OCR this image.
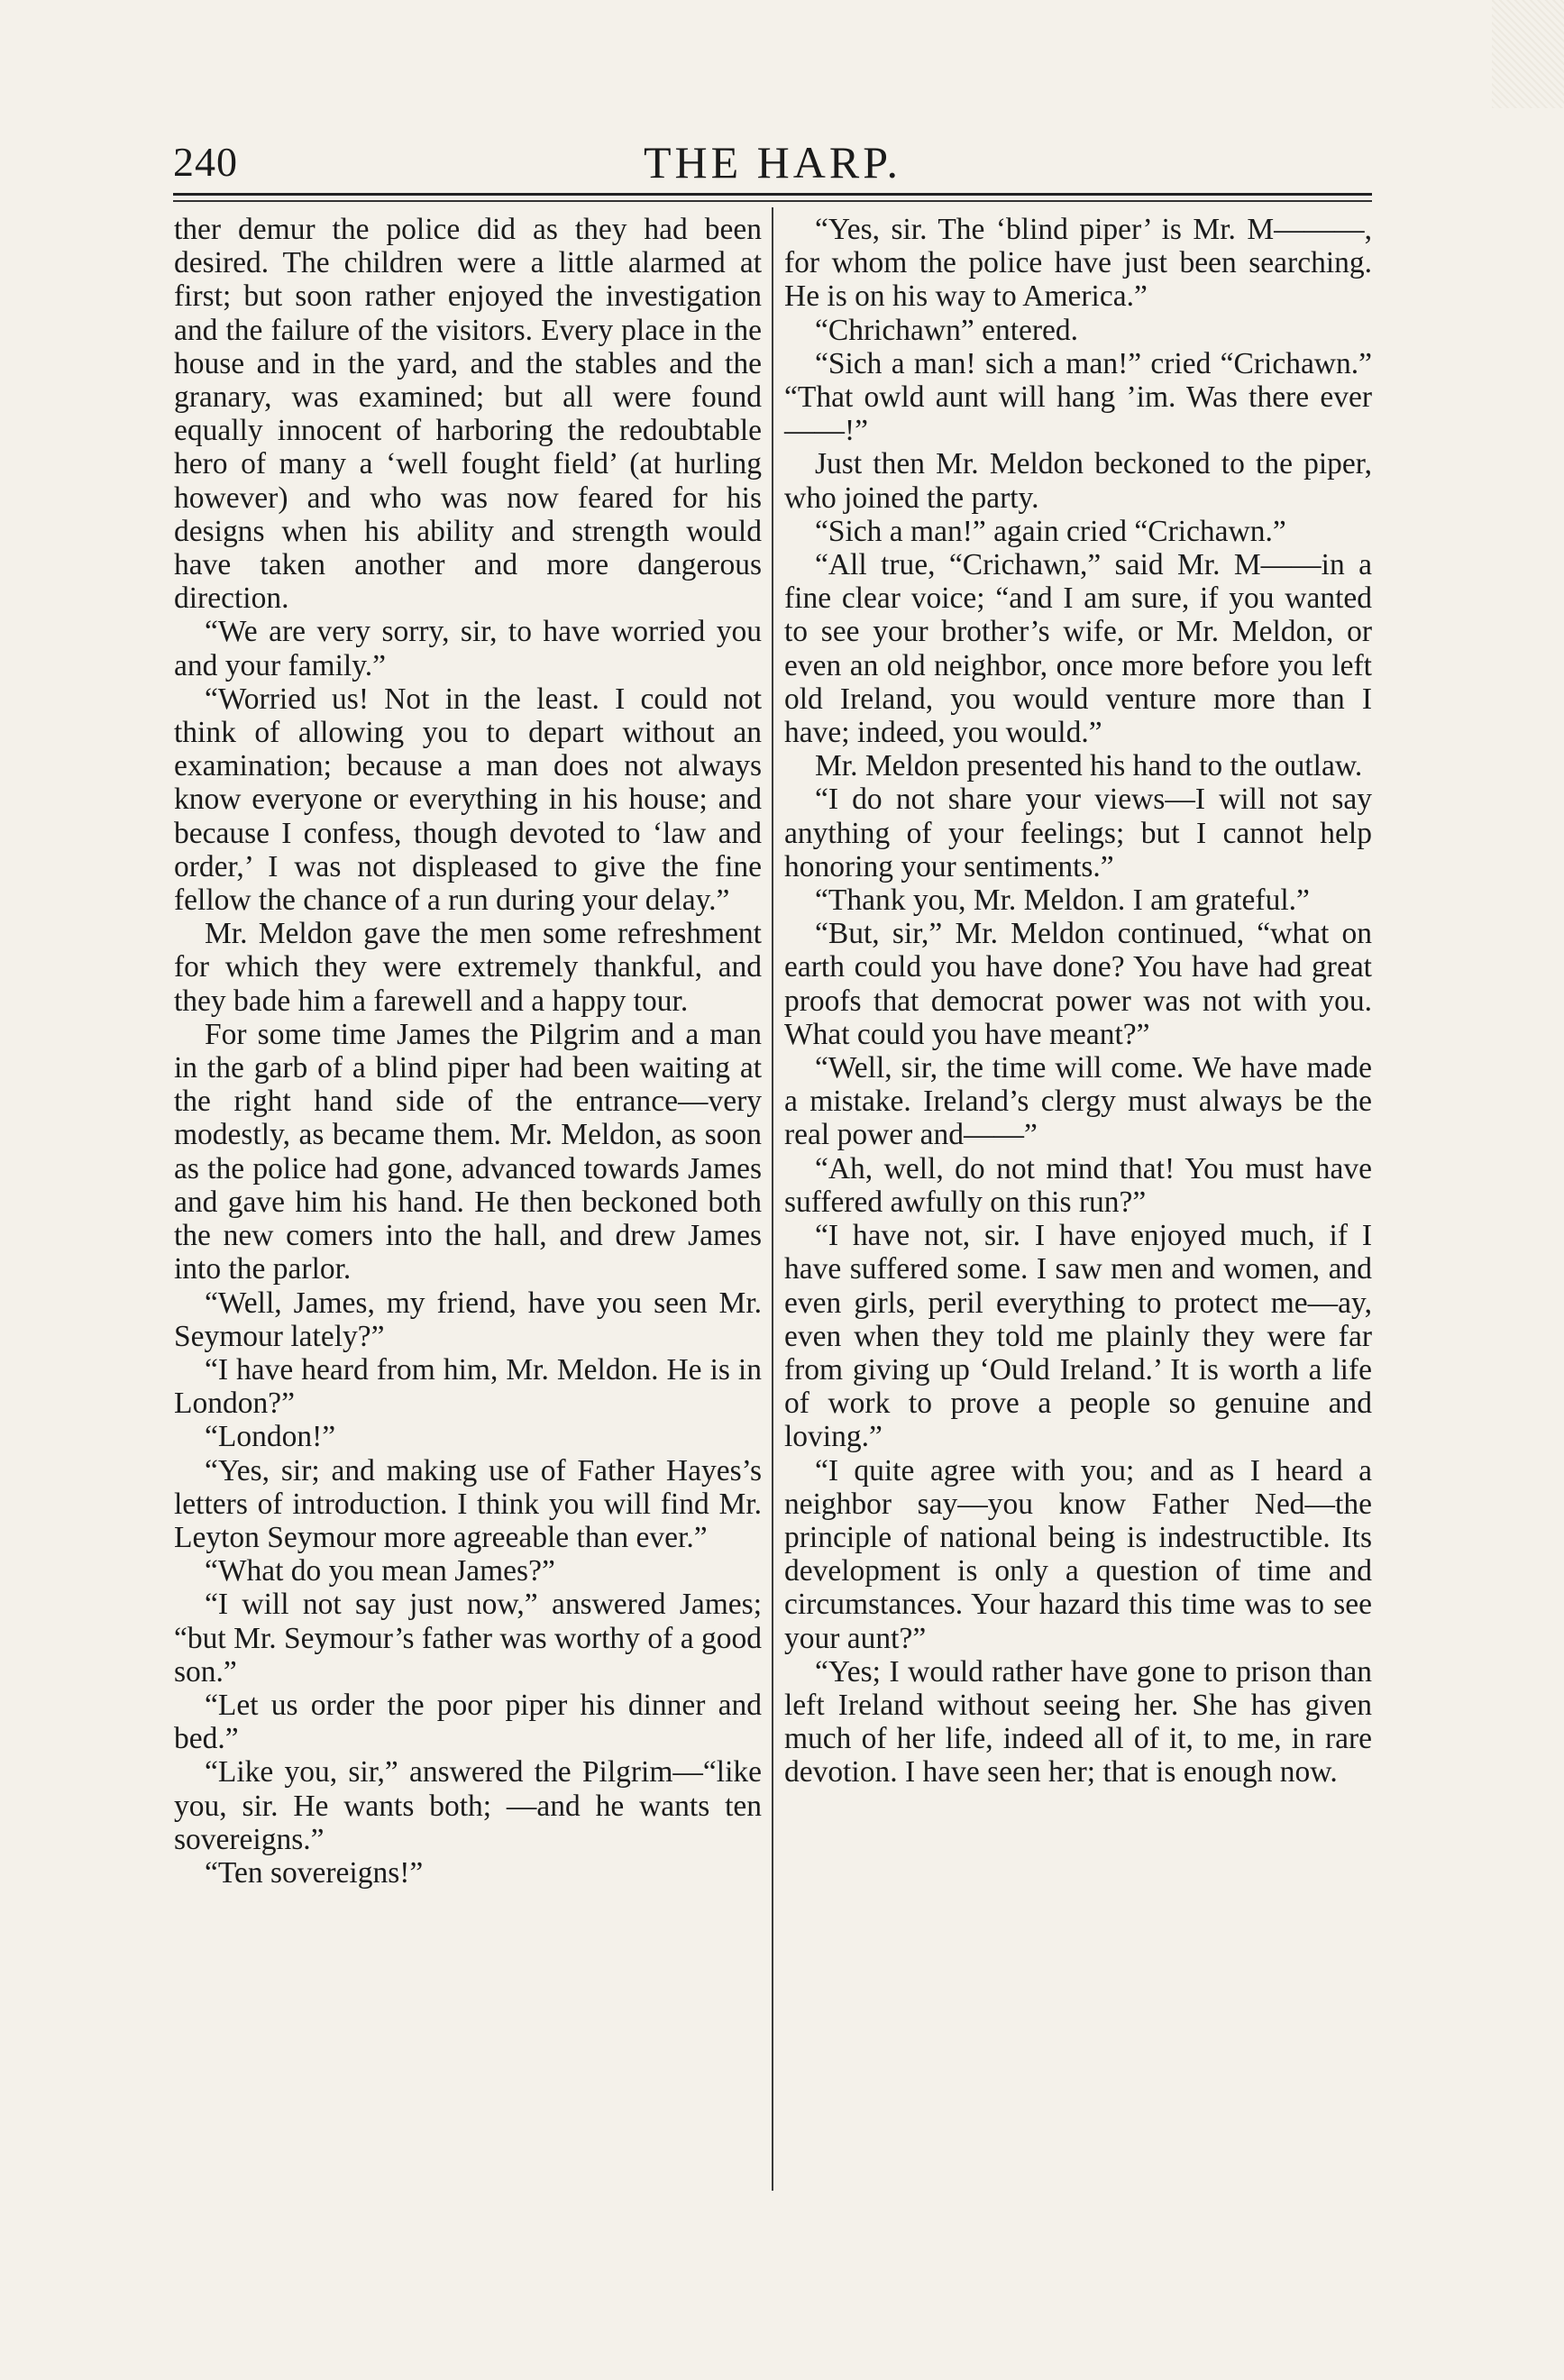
240	THE HARP.

ther demur the police did as they had been desired. The children were a little alarmed at first; but soon rather enjoyed the investigation and the failure of the visitors. Every place in the house and in the yard, and the stables and the granary, was examined; but all were found equally innocent of harboring the redoubtable hero of many a ‘well fought field’ (at hurling however) and who was now feared for his designs when his ability and strength would have taken another and more dangerous direction.

“We are very sorry, sir, to have worried you and your family.”

“Worried us! Not in the least. I could not think of allowing you to depart without an examination; because a man does not always know everyone or everything in his house; and because I confess, though devoted to ‘law and order,’ I was not displeased to give the fine fellow the chance of a run during your delay.”

Mr. Meldon gave the men some refreshment for which they were extremely thankful, and they bade him a farewell and a happy tour.

For some time James the Pilgrim and a man in the garb of a blind piper had been waiting at the right hand side of the entrance—very modestly, as became them. Mr. Meldon, as soon as the police had gone, advanced towards James and gave him his hand. He then beckoned both the new comers into the hall, and drew James into the parlor.

“Well, James, my friend, have you seen Mr. Seymour lately?”

“I have heard from him, Mr. Meldon. He is in London?”

“London!”

“Yes, sir; and making use of Father Hayes’s letters of introduction. I think you will find Mr. Leyton Seymour more agreeable than ever.”

“What do you mean James?”

“I will not say just now,” answered James; “but Mr. Seymour’s father was worthy of a good son.”

“Let us order the poor piper his dinner and bed.”

“Like you, sir,” answered the Pilgrim—“like you, sir. He wants both; —and he wants ten sovereigns.”

“Ten sovereigns!”

“Yes, sir. The ‘blind piper’ is Mr. M———, for whom the police have just been searching. He is on his way to America.”

“Chrichawn” entered.

“Sich a man! sich a man!” cried “Crichawn.” “That owld aunt will hang ’im. Was there ever——!”

Just then Mr. Meldon beckoned to the piper, who joined the party.

“Sich a man!” again cried “Crichawn.”

“All true, “Crichawn,” said Mr. M——in a fine clear voice; “and I am sure, if you wanted to see your brother’s wife, or Mr. Meldon, or even an old neighbor, once more before you left old Ireland, you would venture more than I have; indeed, you would.”

Mr. Meldon presented his hand to the outlaw.

“I do not share your views—I will not say anything of your feelings; but I cannot help honoring your sentiments.”

“Thank you, Mr. Meldon. I am grateful.”

“But, sir,” Mr. Meldon continued, “what on earth could you have done? You have had great proofs that democrat power was not with you. What could you have meant?”

“Well, sir, the time will come. We have made a mistake. Ireland’s clergy must always be the real power and——”

“Ah, well, do not mind that! You must have suffered awfully on this run?”

“I have not, sir. I have enjoyed much, if I have suffered some. I saw men and women, and even girls, peril everything to protect me—ay, even when they told me plainly they were far from giving up ‘Ould Ireland.’ It is worth a life of work to prove a people so genuine and loving.”

“I quite agree with you; and as I heard a neighbor say—you know Father Ned—the principle of national being is indestructible. Its development is only a question of time and circumstances. Your hazard this time was to see your aunt?”

“Yes; I would rather have gone to prison than left Ireland without seeing her. She has given much of her life, indeed all of it, to me, in rare devotion. I have seen her; that is enough now.
